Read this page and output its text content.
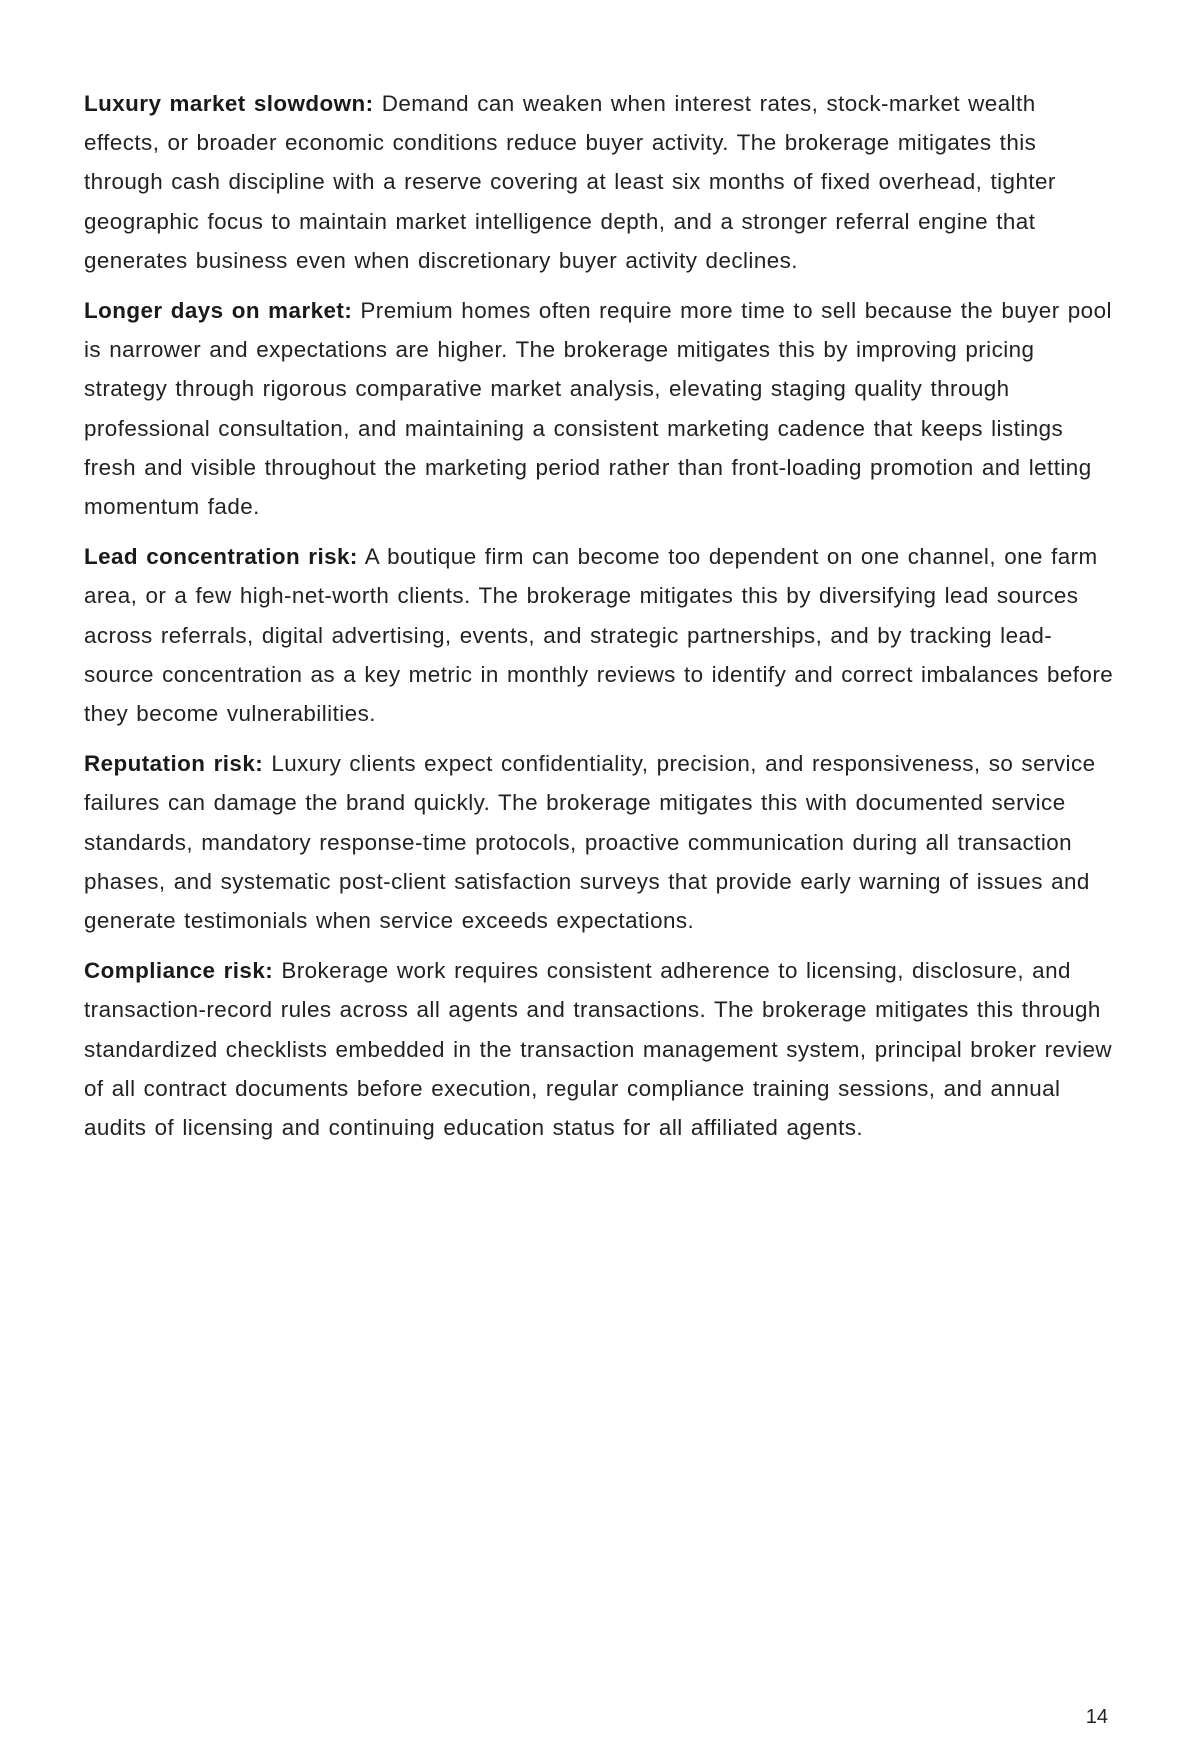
Luxury market slowdown: Demand can weaken when interest rates, stock-market wealth effects, or broader economic conditions reduce buyer activity. The brokerage mitigates this through cash discipline with a reserve covering at least six months of fixed overhead, tighter geographic focus to maintain market intelligence depth, and a stronger referral engine that generates business even when discretionary buyer activity declines.

Longer days on market: Premium homes often require more time to sell because the buyer pool is narrower and expectations are higher. The brokerage mitigates this by improving pricing strategy through rigorous comparative market analysis, elevating staging quality through professional consultation, and maintaining a consistent marketing cadence that keeps listings fresh and visible throughout the marketing period rather than front-loading promotion and letting momentum fade.

Lead concentration risk: A boutique firm can become too dependent on one channel, one farm area, or a few high-net-worth clients. The brokerage mitigates this by diversifying lead sources across referrals, digital advertising, events, and strategic partnerships, and by tracking lead-source concentration as a key metric in monthly reviews to identify and correct imbalances before they become vulnerabilities.

Reputation risk: Luxury clients expect confidentiality, precision, and responsiveness, so service failures can damage the brand quickly. The brokerage mitigates this with documented service standards, mandatory response-time protocols, proactive communication during all transaction phases, and systematic post-client satisfaction surveys that provide early warning of issues and generate testimonials when service exceeds expectations.

Compliance risk: Brokerage work requires consistent adherence to licensing, disclosure, and transaction-record rules across all agents and transactions. The brokerage mitigates this through standardized checklists embedded in the transaction management system, principal broker review of all contract documents before execution, regular compliance training sessions, and annual audits of licensing and continuing education status for all affiliated agents.

14
